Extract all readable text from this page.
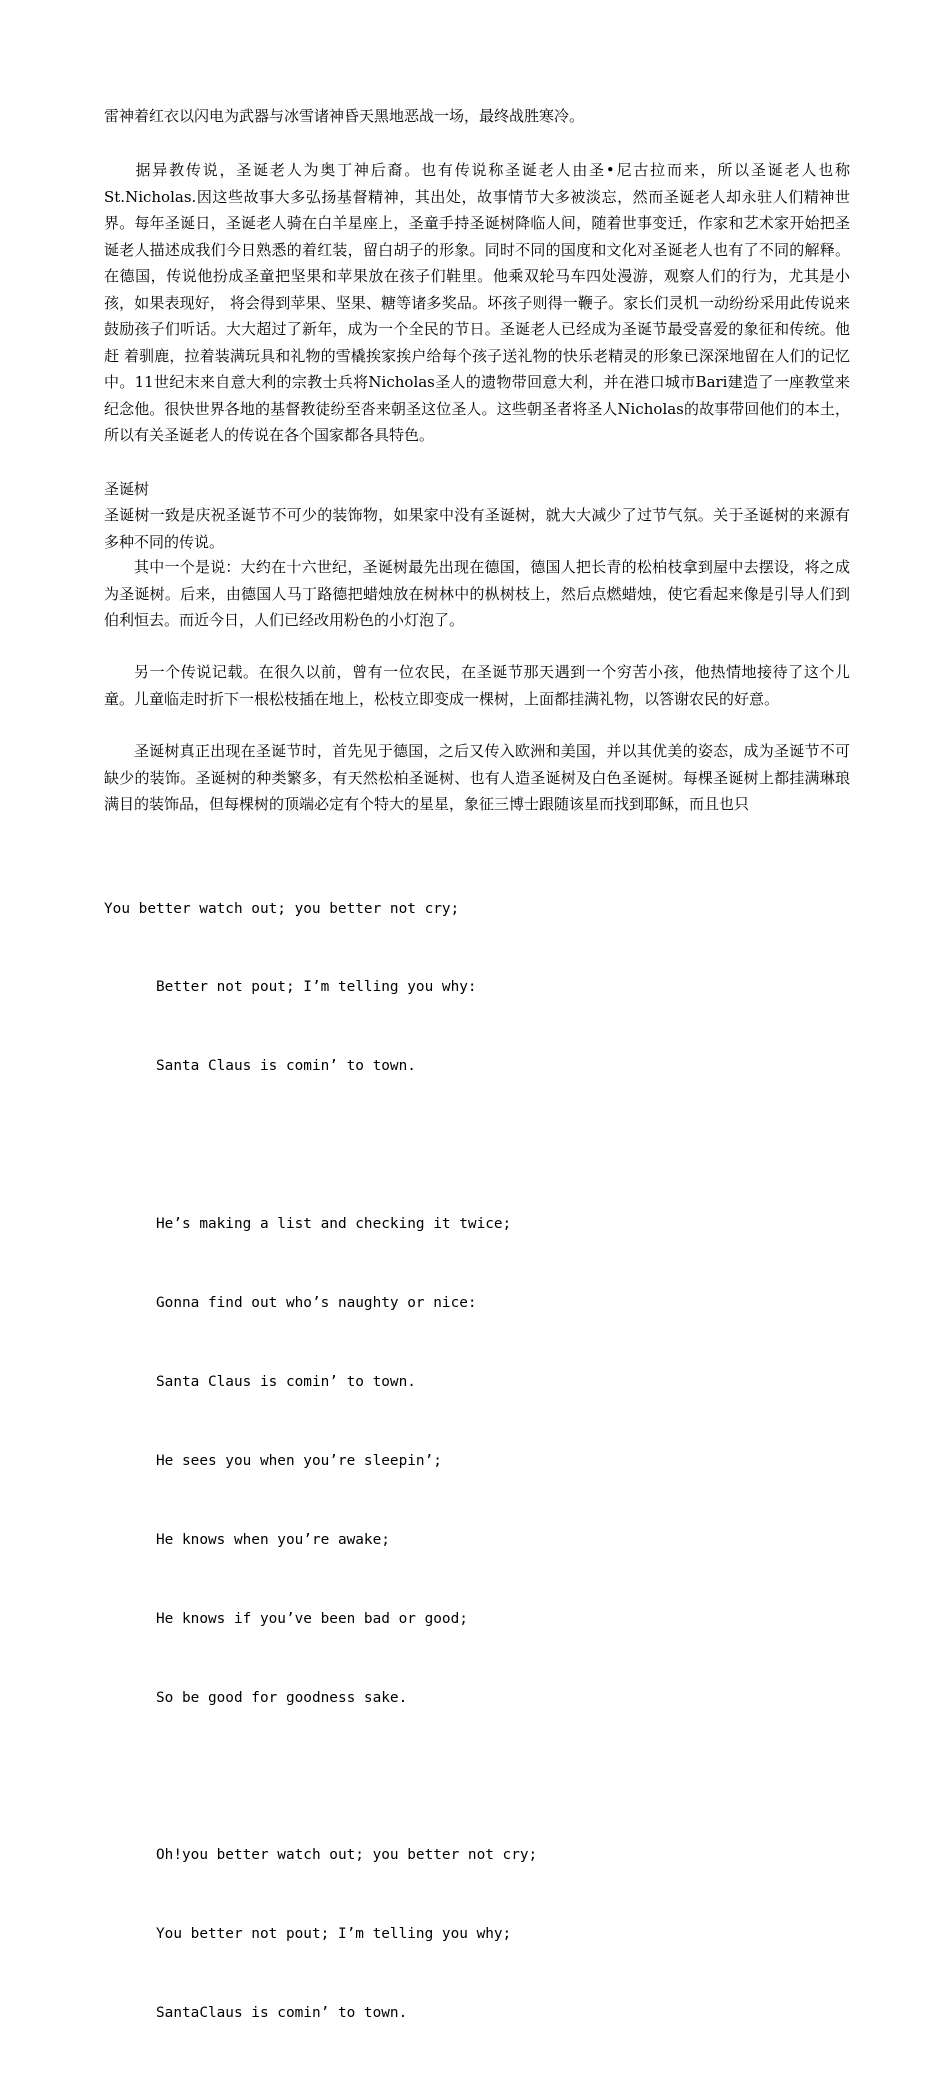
雷神着红衣以闪电为武器与冰雪诸神昏天黑地恶战一场，最终战胜寒冷。
据异教传说，圣诞老人为奥丁神后裔。也有传说称圣诞老人由圣•尼古拉而来，所以圣诞老人也称St.Nicholas.因这些故事大多弘扬基督精神，其出处，故事情节大多被淡忘，然而圣诞老人却永驻人们精神世界。每年圣诞日，圣诞老人骑在白羊星座上，圣童手持圣诞树降临人间，随着世事变迁，作家和艺术家开始把圣诞老人描述成我们今日熟悉的着红装，留白胡子的形象。同时不同的国度和文化对圣诞老人也有了不同的解释。在德国，传说他扮成圣童把坚果和苹果放在孩子们鞋里。他乘双轮马车四处漫游，观察人们的行为，尤其是小孩，如果表现好， 将会得到苹果、坚果、糖等诸多奖品。坏孩子则得一鞭子。家长们灵机一动纷纷采用此传说来鼓励孩子们听话。大大超过了新年，成为一个全民的节日。圣诞老人已经成为圣诞节最受喜爱的象征和传统。他赶 着驯鹿，拉着装满玩具和礼物的雪橇挨家挨户给每个孩子送礼物的快乐老精灵的形象已深深地留在人们的记忆中。11世纪末来自意大利的宗教士兵将Nicholas圣人的遗物带回意大利，并在港口城市Bari建造了一座教堂来纪念他。很快世界各地的基督教徒纷至沓来朝圣这位圣人。这些朝圣者将圣人Nicholas的故事带回他们的本土，所以有关圣诞老人的传说在各个国家都各具特色。
圣诞树
圣诞树一致是庆祝圣诞节不可少的装饰物，如果家中没有圣诞树，就大大减少了过节气氛。关于圣诞树的来源有多种不同的传说。
其中一个是说：大约在十六世纪，圣诞树最先出现在德国，德国人把长青的松柏枝拿到屋中去摆设，将之成为圣诞树。后来，由德国人马丁路德把蜡烛放在树林中的枞树枝上，然后点燃蜡烛，使它看起来像是引导人们到伯利恒去。而近今日，人们已经改用粉色的小灯泡了。
另一个传说记载。在很久以前，曾有一位农民，在圣诞节那天遇到一个穷苦小孩，他热情地接待了这个儿童。儿童临走时折下一根松枝插在地上，松枝立即变成一棵树，上面都挂满礼物，以答谢农民的好意。
圣诞树真正出现在圣诞节时，首先见于德国，之后又传入欧洲和美国，并以其优美的姿态，成为圣诞节不可缺少的装饰。圣诞树的种类繁多，有天然松柏圣诞树、也有人造圣诞树及白色圣诞树。每棵圣诞树上都挂满琳琅满目的装饰品，但每棵树的顶端必定有个特大的星星，象征三博士跟随该星而找到耶稣，而且也只

You better watch out; you better not cry;

Better not pout; I’m telling you why:

Santa Claus is comin’ to town.

He’s making a list and checking it twice;

Gonna find out who’s naughty or nice:

Santa Claus is comin’ to town.

He sees you when you’re sleepin’;

He knows when you’re awake;

He knows if you’ve been bad or good;

So be good for goodness sake.

Oh!you better watch out; you better not cry;

You better not pout; I’m telling you why;

SantaClaus is comin’ to town.
